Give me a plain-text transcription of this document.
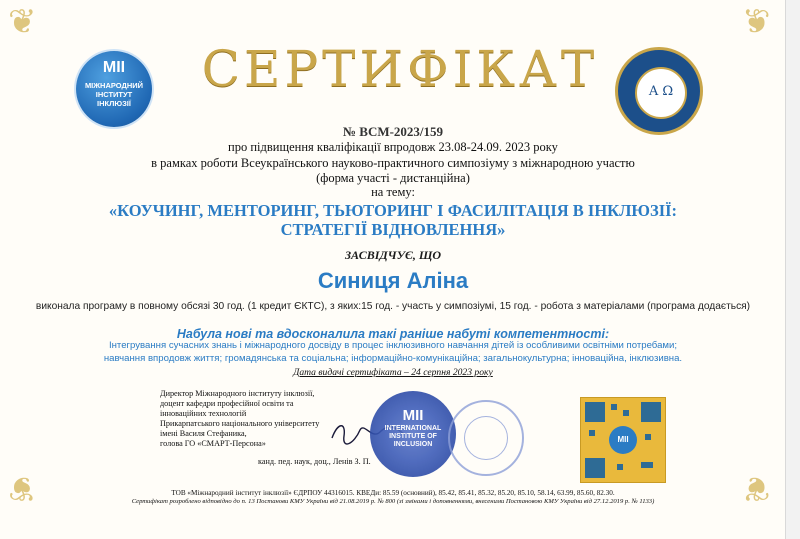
❦	❦
❦	❦
СЕРТИФІКАТ
МІІ
МІЖНАРОДНИЙ ІНСТИТУТ ІНКЛЮЗІЇ
A Ω
№ ВСМ-2023/159
про підвищення кваліфікації впродовж 23.08-24.09. 2023 року
в рамках роботи Всеукраїнського науково-практичного симпозіуму з міжнародною участю
(форма участі - дистанційна)
на тему:
«КОУЧИНГ, МЕНТОРИНГ, ТЬЮТОРИНГ І ФАСИЛІТАЦІЯ В ІНКЛЮЗІЇ:
СТРАТЕГІЇ ВІДНОВЛЕННЯ»
ЗАСВІДЧУЄ, ЩО
Синиця Аліна
виконала програму в повному обсязі 30 год. (1 кредит ЄКТС), з яких:15 год. - участь у симпозіумі, 15 год. - робота з матеріалами (програма додається)
Набула нові та вдосконалила такі раніше набуті компетентності:
Інтегрування сучасних знань і міжнародного досвіду в процес інклюзивного навчання дітей із особливими освітніми потребами;
навчання впродовж життя; громадянська та соціальна; інформаційно-комунікаційна; загальнокультурна; інноваційна, інклюзивна.
Дата видачі сертифіката – 24 серпня 2023 року
Директор Міжнародного інституту інклюзії,
доцент кафедри професійної освіти та
інноваційних технологій
Прикарпатського національного університету
імені Василя Стефаника,
голова ГО «СМАРТ-Персона»
МІІ
INTERNATIONAL INSTITUTE OF INCLUSION
канд. пед. наук, доц., Ленів З. П.
МІІ
ТОВ «Міжнародний інститут інклюзії» ЄДРПОУ 44316015. КВЕДи: 85.59 (основний), 85.42, 85.41, 85.32, 85.20, 85.10, 58.14, 63.99, 85.60, 82.30.
Сертифікат розроблено відповідно до п. 13 Постанови КМУ України від 21.08.2019 р. № 800 (зі змінами і доповненнями, внесеними Постановою КМУ України від 27.12.2019 р. № 1133)
